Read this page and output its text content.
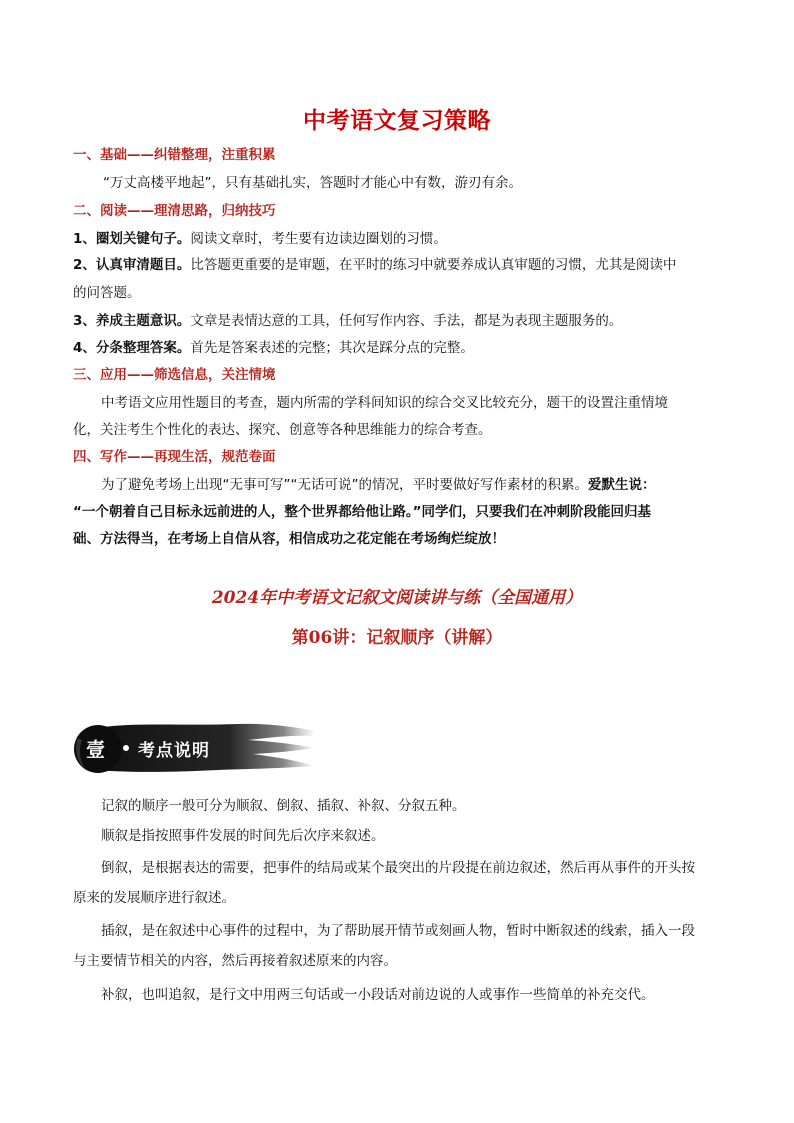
中考语文复习策略
一、基础——纠错整理，注重积累
“万丈高楼平地起”，只有基础扎实，答题时才能心中有数，游刃有余。
二、阅读——理清思路，归纳技巧
1、圈划关键句子。阅读文章时，考生要有边读边圈划的习惯。
2、认真审清题目。比答题更重要的是审题，在平时的练习中就要养成认真审题的习惯，尤其是阅读中
的问答题。
3、养成主题意识。文章是表情达意的工具，任何写作内容、手法，都是为表现主题服务的。
4、分条整理答案。首先是答案表述的完整；其次是踩分点的完整。
三、应用——筛选信息，关注情境
中考语文应用性题目的考查，题内所需的学科间知识的综合交叉比较充分，题干的设置注重情境
化，关注考生个性化的表达、探究、创意等各种思维能力的综合考查。
四、写作——再现生活，规范卷面
为了避免考场上出现“无事可写”“无话可说”的情况，平时要做好写作素材的积累。爱默生说：
“一个朝着自己目标永远前进的人，整个世界都给他让路。”同学们，只要我们在冲刺阶段能回归基
础、方法得当，在考场上自信从容，相信成功之花定能在考场绚烂绽放！
2024年中考语文记叙文阅读讲与练（全国通用）
第06讲：记叙顺序（讲解）
壹 考点说明
记叙的顺序一般可分为顺叙、倒叙、插叙、补叙、分叙五种。
顺叙是指按照事件发展的时间先后次序来叙述。
倒叙，是根据表达的需要，把事件的结局或某个最突出的片段提在前边叙述，然后再从事件的开头按
原来的发展顺序进行叙述。
插叙，是在叙述中心事件的过程中，为了帮助展开情节或刻画人物，暂时中断叙述的线索，插入一段
与主要情节相关的内容，然后再接着叙述原来的内容。
补叙，也叫追叙，是行文中用两三句话或一小段话对前边说的人或事作一些简单的补充交代。
